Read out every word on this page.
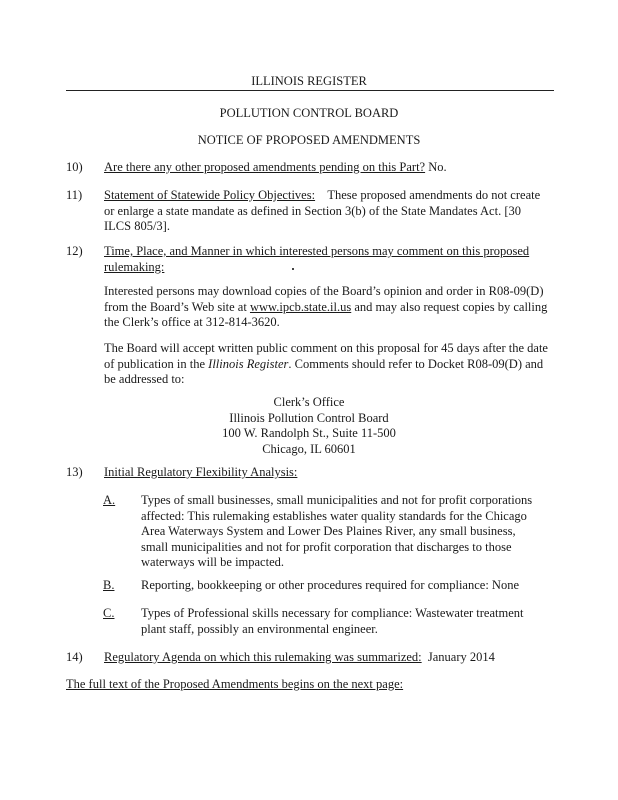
ILLINOIS REGISTER
POLLUTION CONTROL BOARD
NOTICE OF PROPOSED AMENDMENTS
10) Are there any other proposed amendments pending on this Part? No.
11) Statement of Statewide Policy Objectives: These proposed amendments do not create or enlarge a state mandate as defined in Section 3(b) of the State Mandates Act. [30 ILCS 805/3].
12) Time, Place, and Manner in which interested persons may comment on this proposed rulemaking:
Interested persons may download copies of the Board’s opinion and order in R08-09(D) from the Board’s Web site at www.ipcb.state.il.us and may also request copies by calling the Clerk’s office at 312-814-3620.
The Board will accept written public comment on this proposal for 45 days after the date of publication in the Illinois Register. Comments should refer to Docket R08-09(D) and be addressed to:
Clerk’s Office
Illinois Pollution Control Board
100 W. Randolph St., Suite 11-500
Chicago, IL 60601
13) Initial Regulatory Flexibility Analysis:
A. Types of small businesses, small municipalities and not for profit corporations affected: This rulemaking establishes water quality standards for the Chicago Area Waterways System and Lower Des Plaines River, any small business, small municipalities and not for profit corporation that discharges to those waterways will be impacted.
B. Reporting, bookkeeping or other procedures required for compliance: None
C. Types of Professional skills necessary for compliance: Wastewater treatment plant staff, possibly an environmental engineer.
14) Regulatory Agenda on which this rulemaking was summarized: January 2014
The full text of the Proposed Amendments begins on the next page:
